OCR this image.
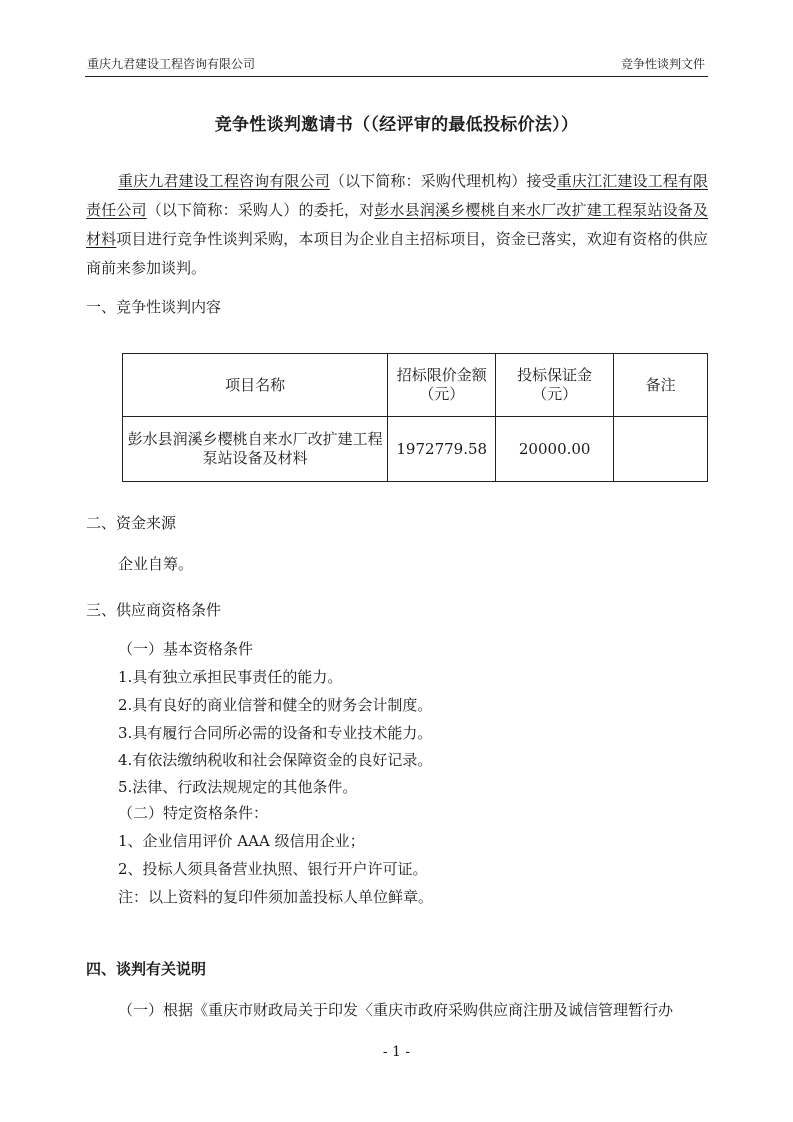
重庆九君建设工程咨询有限公司	竞争性谈判文件
竞争性谈判邀请书（（经评审的最低投标价法））

重庆九君建设工程咨询有限公司（以下简称：采购代理机构）接受重庆江汇建设工程有限责任公司（以下简称：采购人）的委托，对彭水县润溪乡樱桃自来水厂改扩建工程泵站设备及材料项目进行竞争性谈判采购，本项目为企业自主招标项目，资金已落实，欢迎有资格的供应商前来参加谈判。

一、竞争性谈判内容

项目名称	招标限价金额（元）	投标保证金（元）	备注
彭水县润溪乡樱桃自来水厂改扩建工程泵站设备及材料	1972779.58	20000.00	

二、资金来源

企业自筹。

三、供应商资格条件

（一）基本资格条件

1.具有独立承担民事责任的能力。

2.具有良好的商业信誉和健全的财务会计制度。

3.具有履行合同所必需的设备和专业技术能力。

4.有依法缴纳税收和社会保障资金的良好记录。

5.法律、行政法规规定的其他条件。

（二）特定资格条件：

1、企业信用评价 AAA 级信用企业；

2、投标人须具备营业执照、银行开户许可证。

注：以上资料的复印件须加盖投标人单位鲜章。

四、谈判有关说明

（一）根据《重庆市财政局关于印发〈重庆市政府采购供应商注册及诚信管理暂行办

- 1 -
